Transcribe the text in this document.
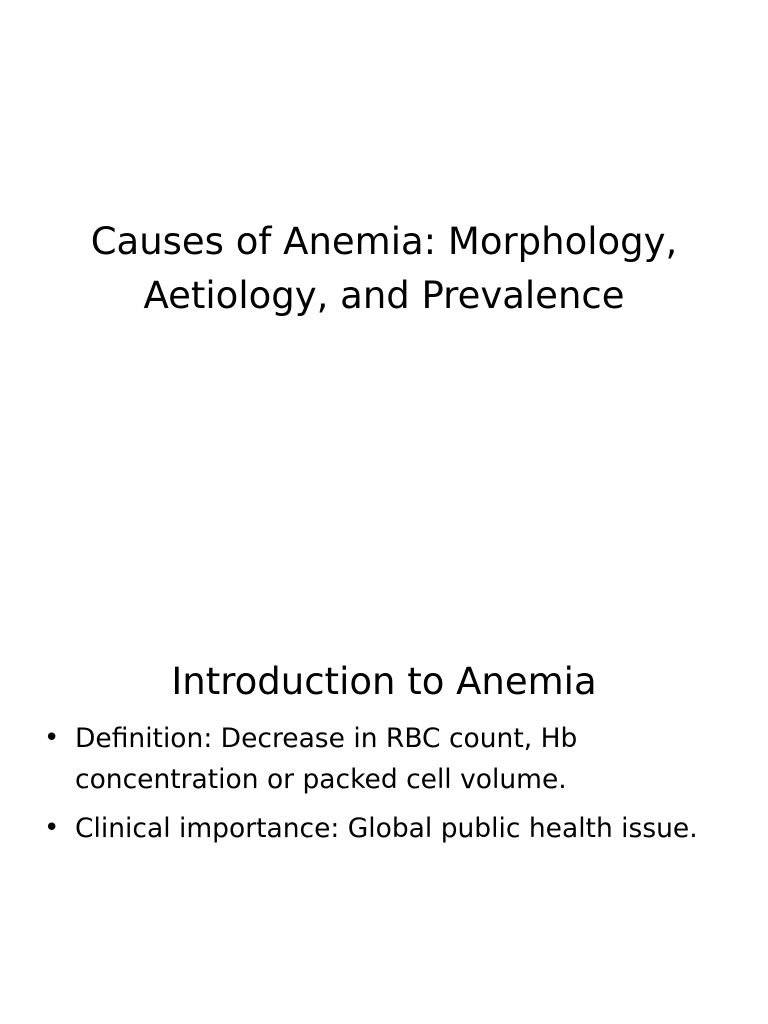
Causes of Anemia: Morphology,
Aetiology, and Prevalence
Introduction to Anemia
• Definition: Decrease in RBC count, Hb
concentration or packed cell volume.
• Clinical importance: Global public health issue.
